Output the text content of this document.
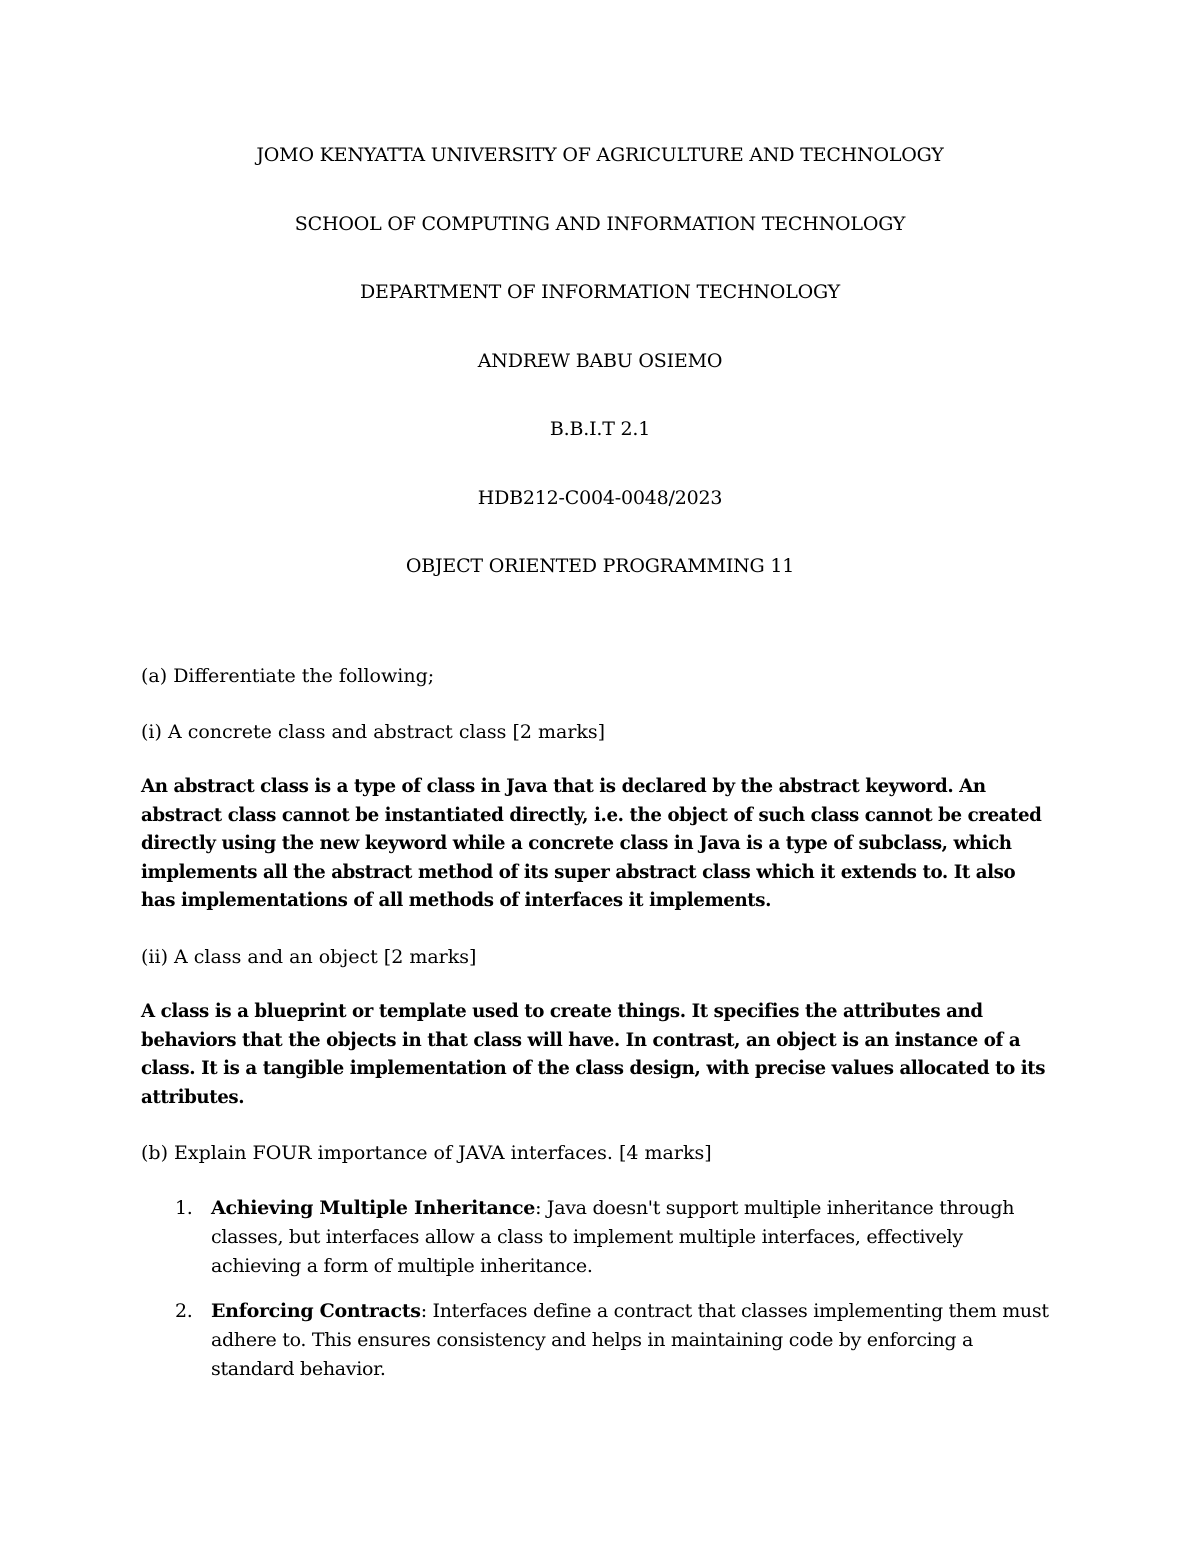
JOMO KENYATTA UNIVERSITY OF AGRICULTURE AND TECHNOLOGY
SCHOOL OF COMPUTING AND INFORMATION TECHNOLOGY
DEPARTMENT OF INFORMATION TECHNOLOGY
ANDREW BABU OSIEMO
B.B.I.T 2.1
HDB212-C004-0048/2023
OBJECT ORIENTED PROGRAMMING 11
(a) Differentiate the following;
(i) A concrete class and abstract class [2 marks]
An abstract class is a type of class in Java that is declared by the abstract keyword. An
abstract class cannot be instantiated directly, i.e. the object of such class cannot be created
directly using the new keyword while a concrete class in Java is a type of subclass, which
implements all the abstract method of its super abstract class which it extends to. It also
has implementations of all methods of interfaces it implements.
(ii) A class and an object [2 marks]
A class is a blueprint or template used to create things. It specifies the attributes and
behaviors that the objects in that class will have. In contrast, an object is an instance of a
class. It is a tangible implementation of the class design, with precise values allocated to its
attributes.
(b) Explain FOUR importance of JAVA interfaces. [4 marks]
1. Achieving Multiple Inheritance: Java doesn't support multiple inheritance through
classes, but interfaces allow a class to implement multiple interfaces, effectively
achieving a form of multiple inheritance.
2. Enforcing Contracts: Interfaces define a contract that classes implementing them must
adhere to. This ensures consistency and helps in maintaining code by enforcing a
standard behavior.
